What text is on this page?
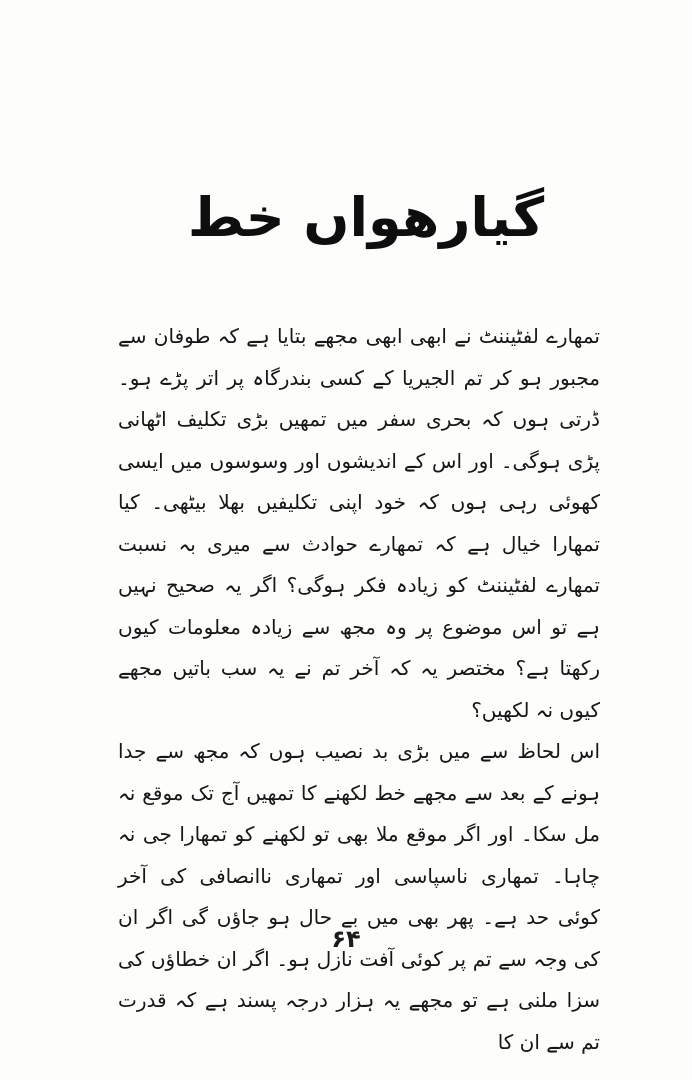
گیارھواں خط

تمھارے لفٹیننٹ نے ابھی ابھی مجھے بتایا ہے کہ طوفان سے مجبور ہو کر تم الجیریا کے کسی بندرگاہ پر اتر پڑے ہو۔ ڈرتی ہوں کہ بحری سفر میں تمھیں بڑی تکلیف اٹھانی پڑی ہوگی۔ اور اس کے اندیشوں اور وسوسوں میں ایسی کھوئی رہی ہوں کہ خود اپنی تکلیفیں بھلا بیٹھی۔ کیا تمھارا خیال ہے کہ تمھارے حوادث سے میری بہ نسبت تمھارے لفٹیننٹ کو زیادہ فکر ہوگی؟ اگر یہ صحیح نہیں ہے تو اس موضوع پر وہ مجھ سے زیادہ معلومات کیوں رکھتا ہے؟ مختصر یہ کہ آخر تم نے یہ سب باتیں مجھے کیوں نہ لکھیں؟

اس لحاظ سے میں بڑی بد نصیب ہوں کہ مجھ سے جدا ہونے کے بعد سے مجھے خط لکھنے کا تمھیں آج تک موقع نہ مل سکا۔ اور اگر موقع ملا بھی تو لکھنے کو تمھارا جی نہ چاہا۔ تمھاری ناسپاسی اور تمھاری ناانصافی کی آخر کوئی حد ہے۔ پھر بھی میں بے حال ہو جاؤں گی اگر ان کی وجہ سے تم پر کوئی آفت نازل ہو۔ اگر ان خطاؤں کی سزا ملنی ہے تو مجھے یہ ہزار درجہ پسند ہے کہ قدرت تم سے ان کا

۶۴
